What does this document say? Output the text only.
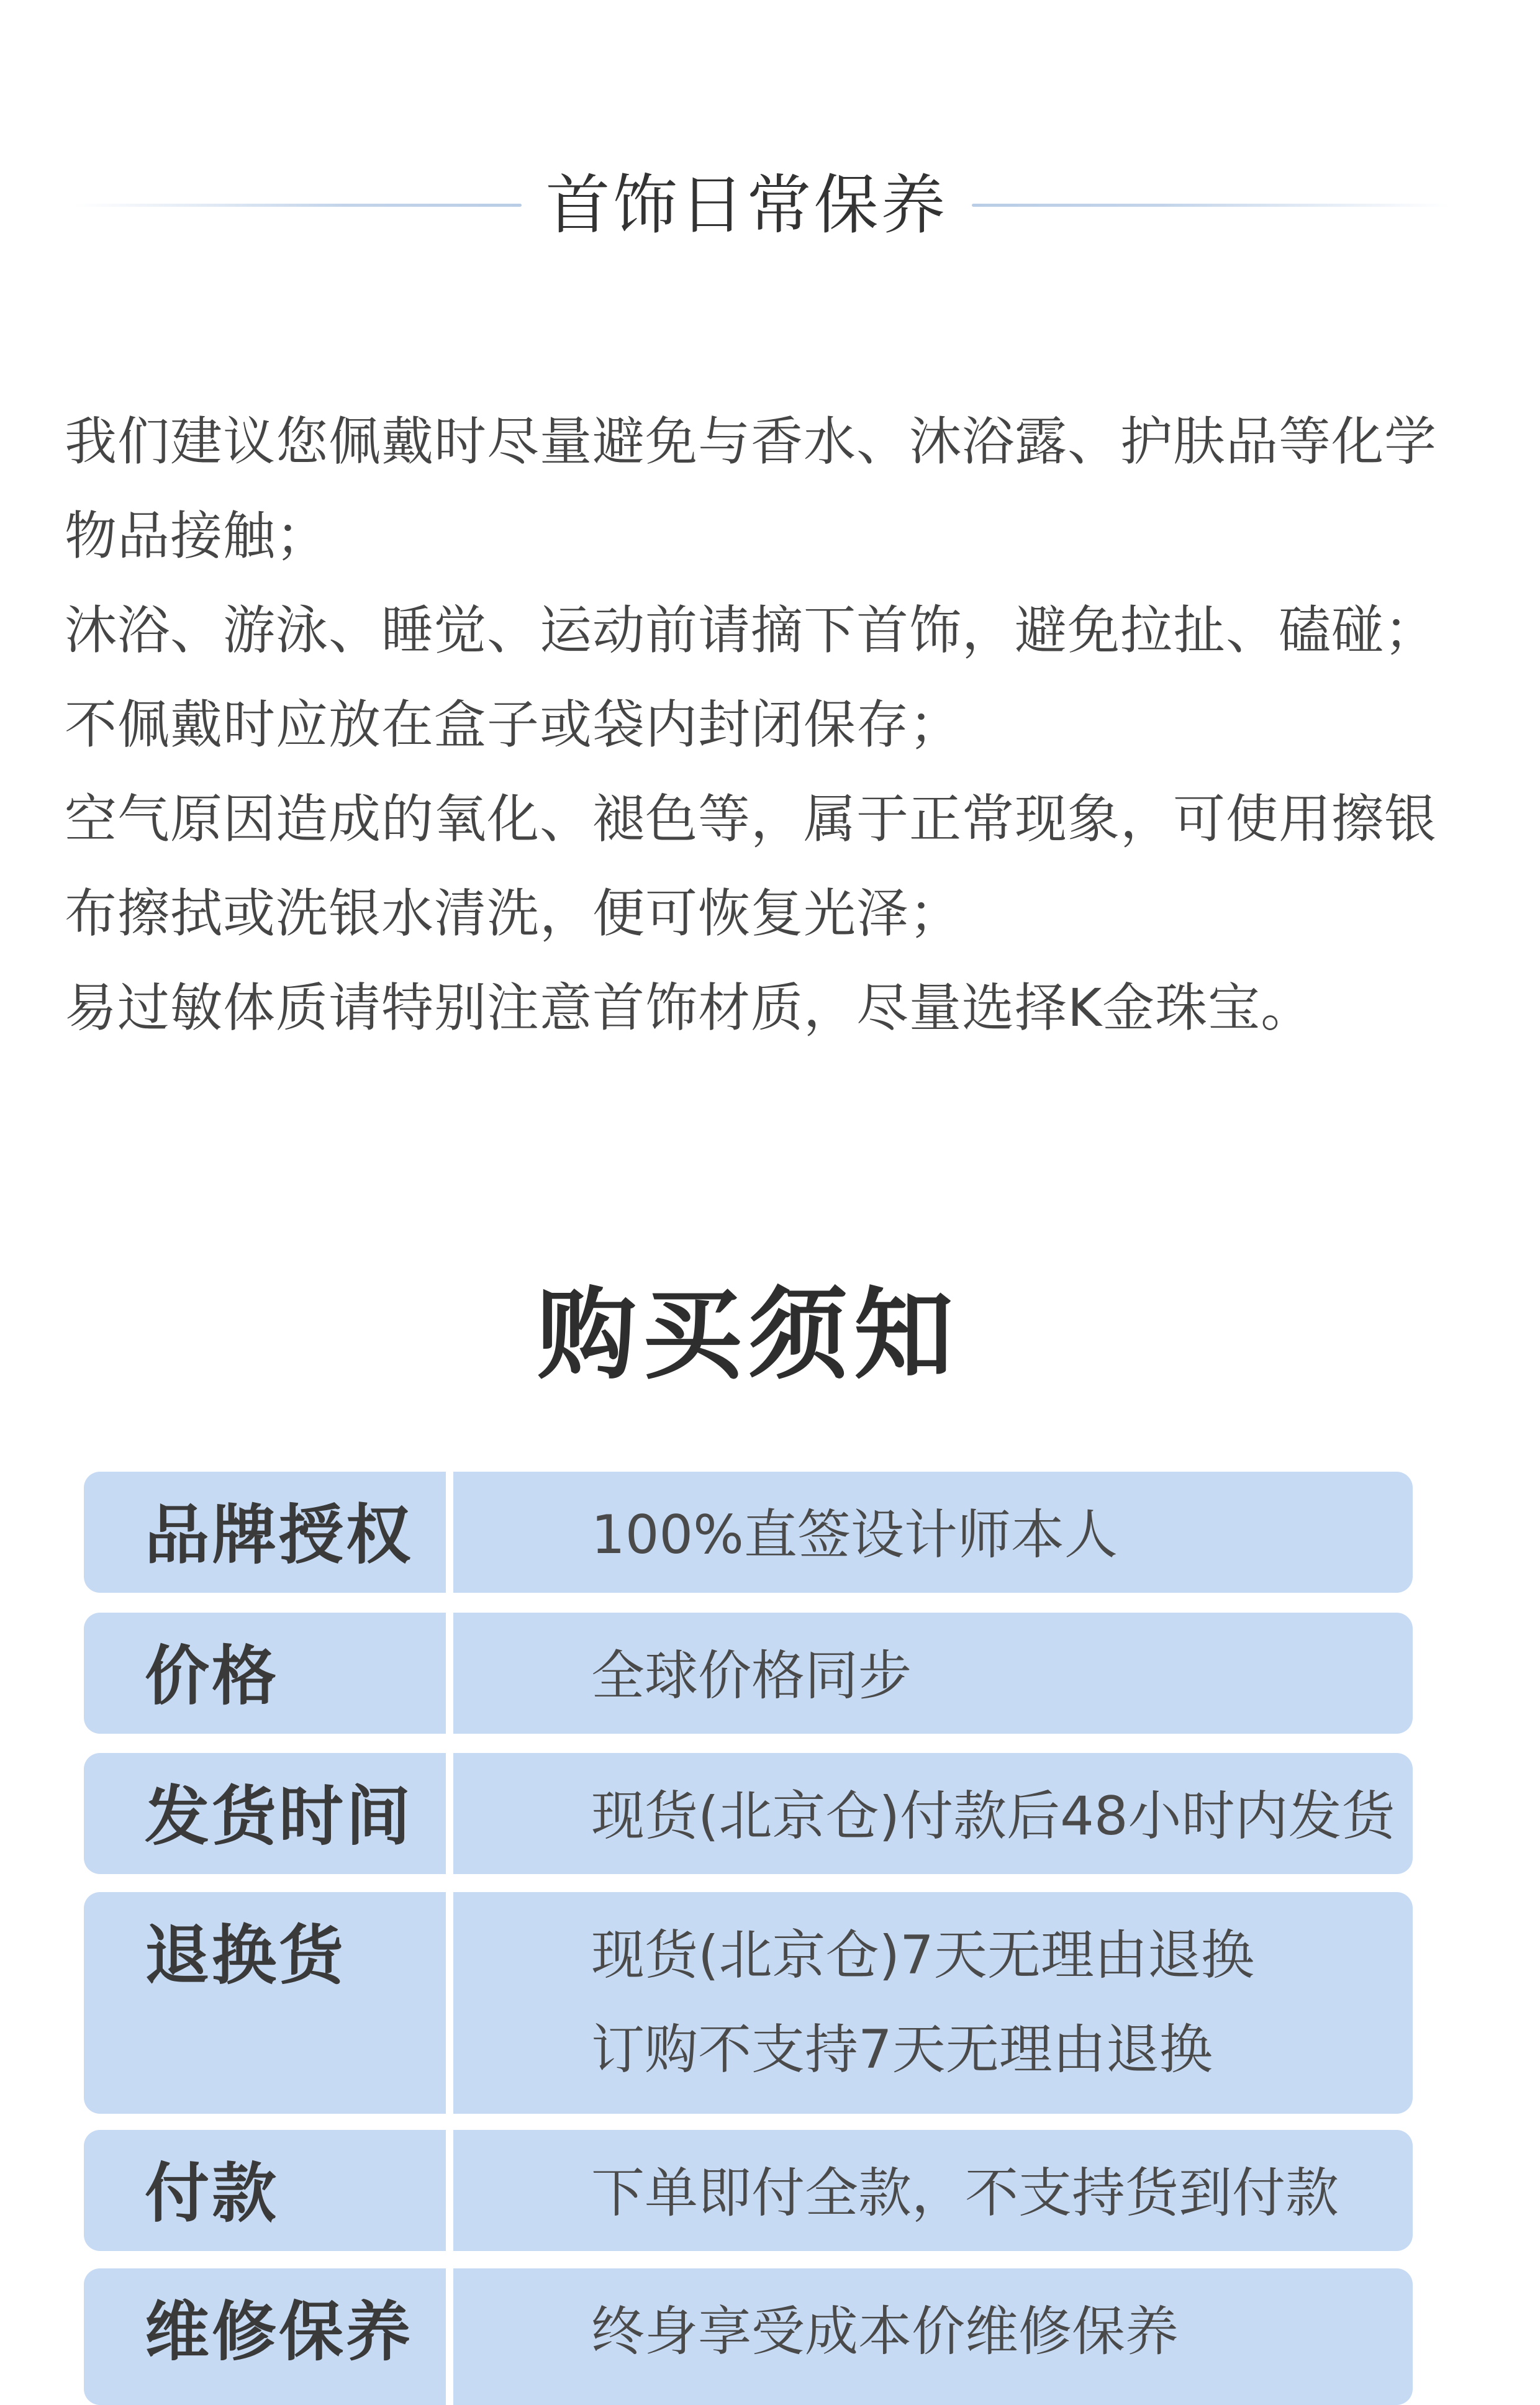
首饰日常保养
我们建议您佩戴时尽量避免与香水、沐浴露、护肤品等化学
物品接触；
沐浴、游泳、睡觉、运动前请摘下首饰，避免拉扯、磕碰；
不佩戴时应放在盒子或袋内封闭保存；
空气原因造成的氧化、褪色等，属于正常现象，可使用擦银
布擦拭或洗银水清洗，便可恢复光泽；
易过敏体质请特别注意首饰材质，尽量选择K金珠宝。
购买须知
品牌授权	100%直签设计师本人
价格	全球价格同步
发货时间	现货(北京仓)付款后48小时内发货
退换货	现货(北京仓)7天无理由退换
订购不支持7天无理由退换
付款	下单即付全款，不支持货到付款
维修保养	终身享受成本价维修保养
